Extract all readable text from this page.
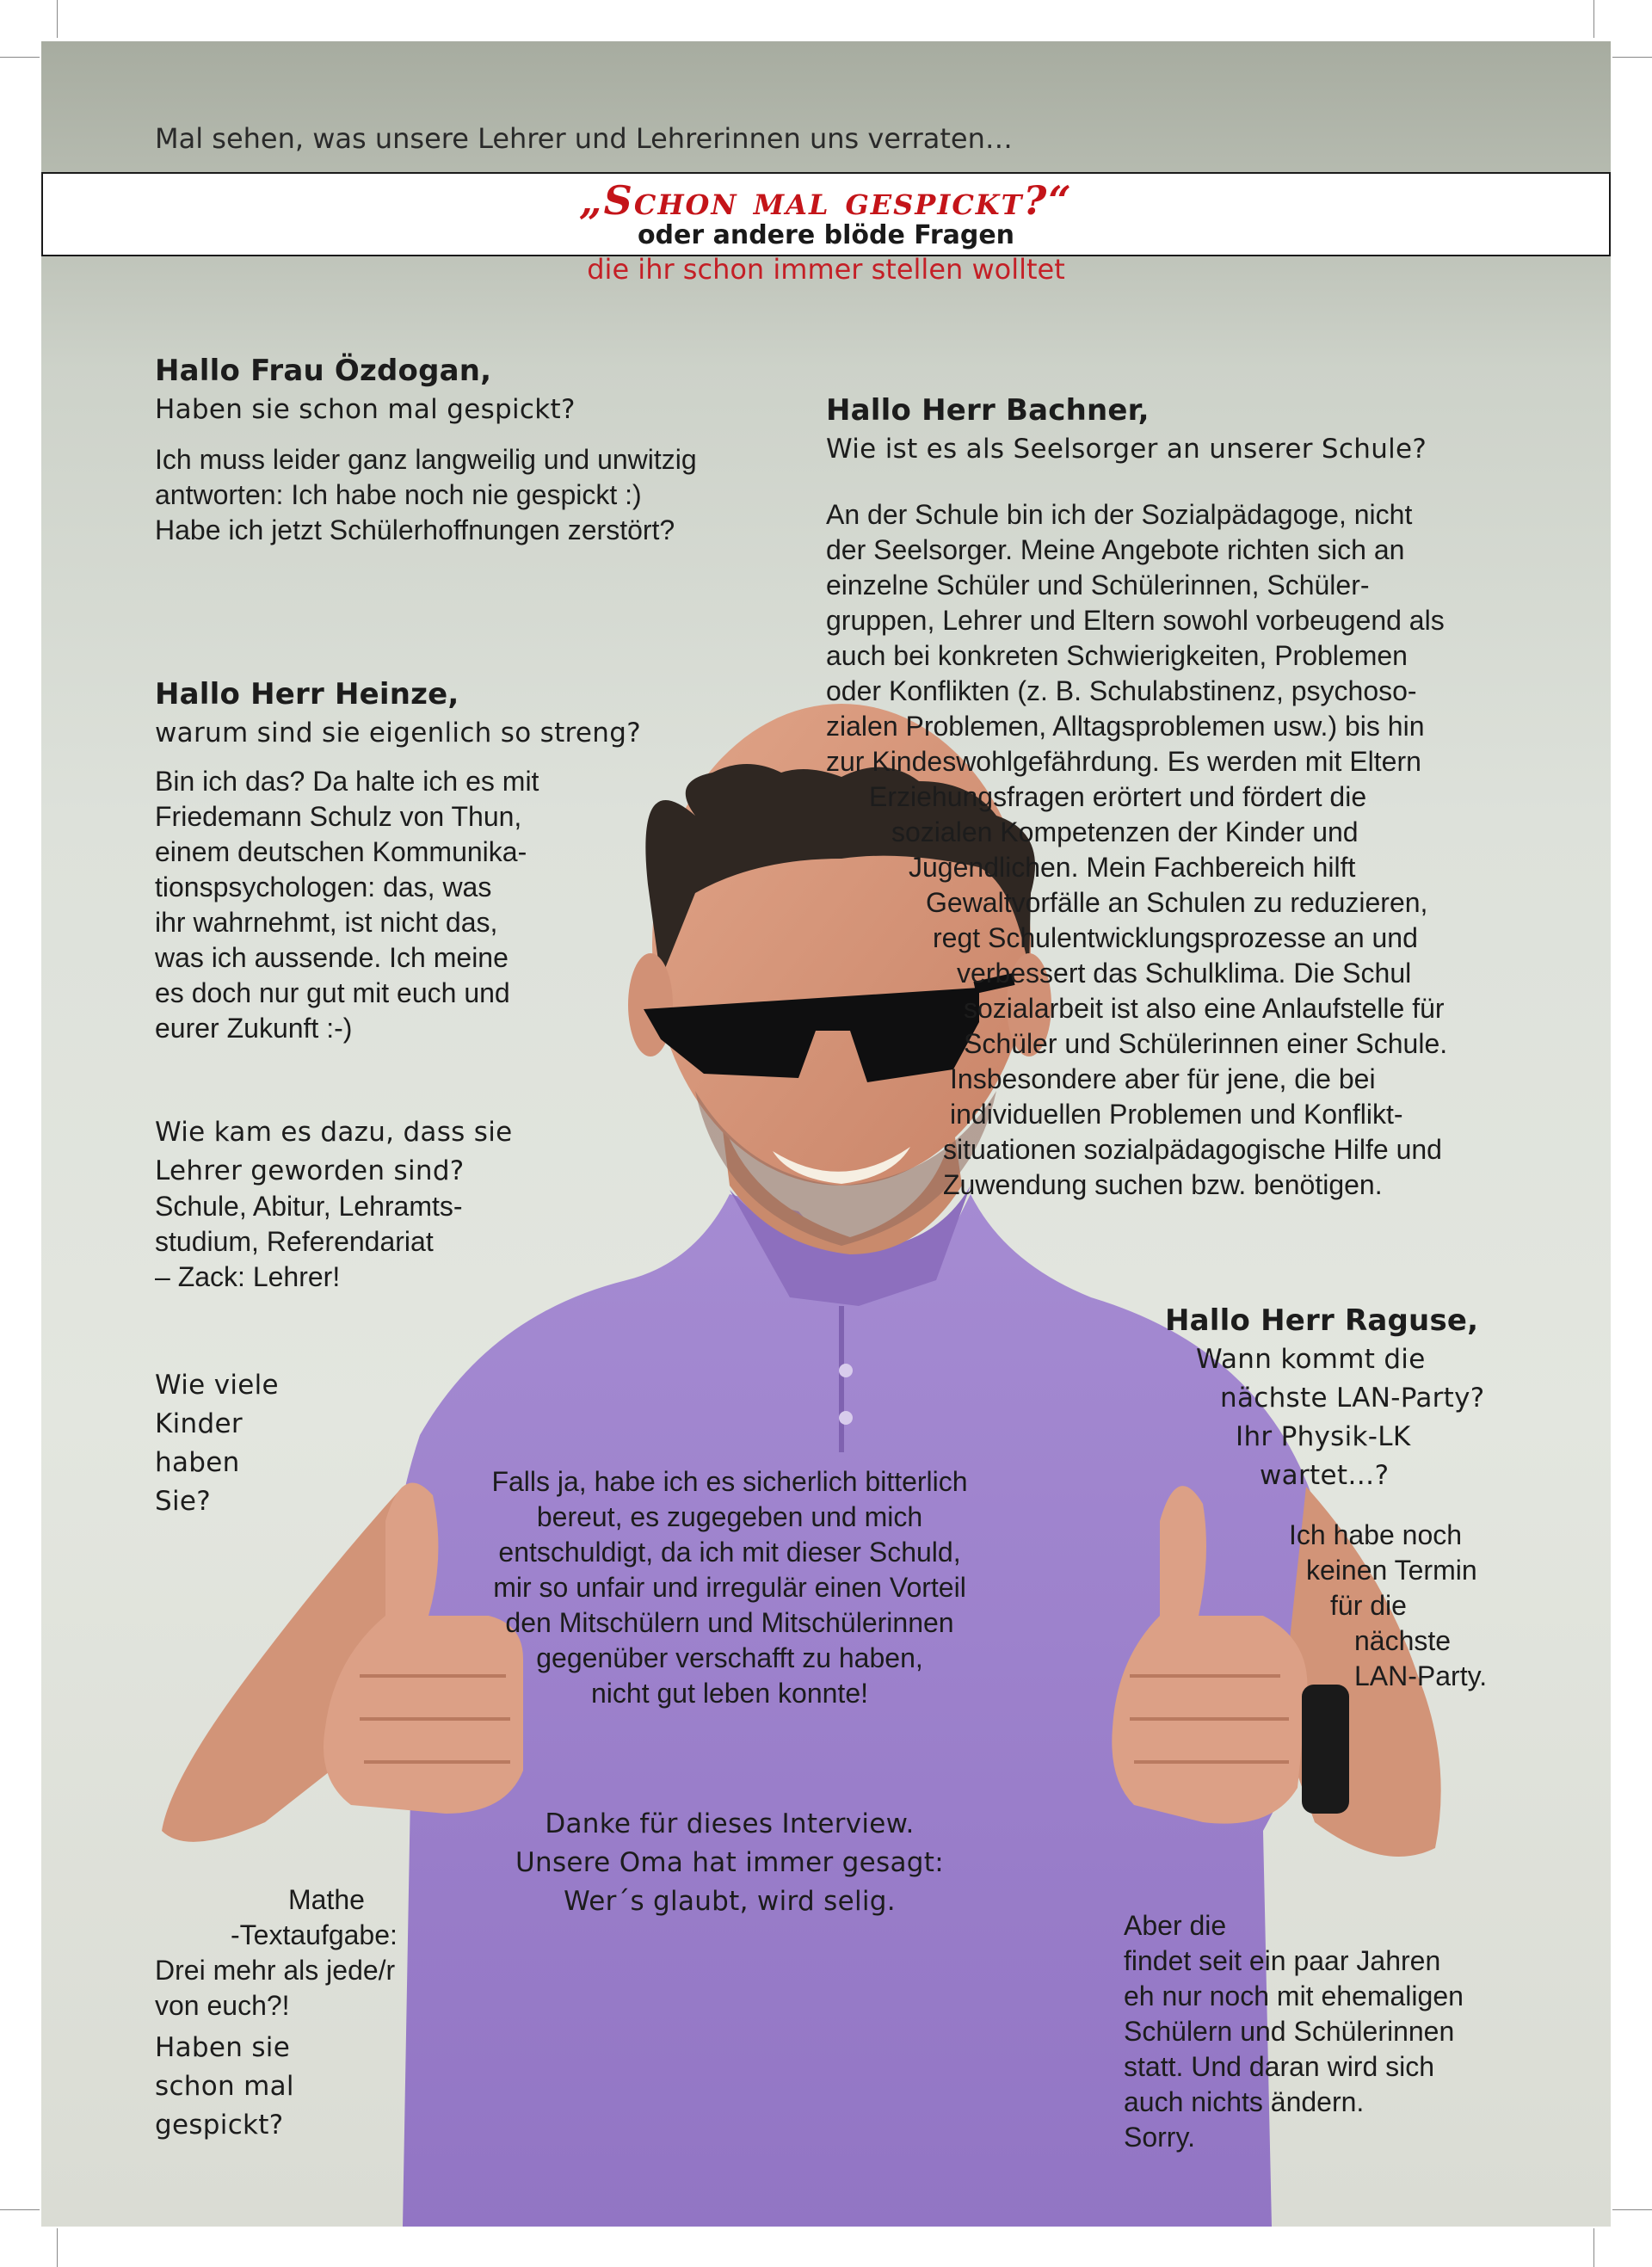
Mal sehen, was unsere Lehrer und Lehrerinnen uns verraten…
„Schon mal gespickt?“
oder andere blöde Fragen
die ihr schon immer stellen wolltet
Hallo Frau Özdogan,
Haben sie schon mal gespickt?
Ich muss leider ganz langweilig und unwitzig
antworten: Ich habe noch nie gespickt :)
Habe ich jetzt Schülerhoffnungen zerstört?
Hallo Herr Heinze,
warum sind sie eigenlich so streng?
Bin ich das? Da halte ich es mit
Friedemann Schulz von Thun,
einem deutschen Kommunika-
tionspsychologen: das, was
ihr wahrnehmt, ist nicht das,
was ich aussende. Ich meine
es doch nur gut mit euch und
eurer Zukunft :-)
Wie kam es dazu, dass sie
Lehrer geworden sind?
Schule, Abitur, Lehramts-
studium, Referendariat
– Zack: Lehrer!
Wie viele
Kinder
haben
Sie?
Mathe
-Textaufgabe:
Drei mehr als jede/r
von euch?!
Haben sie
schon mal
gespickt?
Falls ja, habe ich es sicherlich bitterlich
bereut, es zugegeben und mich
entschuldigt, da ich mit dieser Schuld,
mir so unfair und irregulär einen Vorteil
den Mitschülern und Mitschülerinnen
gegenüber verschafft zu haben,
nicht gut leben konnte!
Danke für dieses Interview.
Unsere Oma hat immer gesagt:
Wer´s glaubt, wird selig.
Hallo Herr Bachner,
Wie ist es als Seelsorger an unserer Schule?
An der Schule bin ich der Sozialpädagoge, nicht
der Seelsorger. Meine Angebote richten sich an
einzelne Schüler und Schülerinnen, Schüler-
gruppen, Lehrer und Eltern sowohl vorbeugend als
auch bei konkreten Schwierigkeiten, Problemen
oder Konflikten (z. B. Schulabstinenz, psychoso-
zialen Problemen, Alltagsproblemen usw.) bis hin
zur Kindeswohlgefährdung. Es werden mit Eltern
Erziehungsfragen erörtert und fördert die
sozialen Kompetenzen der Kinder und
Jugendlichen. Mein Fachbereich hilft
Gewaltvorfälle an Schulen zu reduzieren,
regt Schulentwicklungsprozesse an und
verbessert das Schulklima. Die Schul
sozialarbeit ist also eine Anlaufstelle für
Schüler und Schülerinnen einer Schule.
Insbesondere aber für jene, die bei
individuellen Problemen und Konflikt-
situationen sozialpädagogische Hilfe und
Zuwendung suchen bzw. benötigen.
Hallo Herr Raguse,
Wann kommt die
nächste LAN-Party?
Ihr Physik-LK
wartet…?
Ich habe noch
keinen Termin
für die
nächste
LAN-Party.
Aber die
findet seit ein paar Jahren
eh nur noch mit ehemaligen
Schülern und Schülerinnen
statt. Und daran wird sich
auch nichts ändern.
Sorry.
